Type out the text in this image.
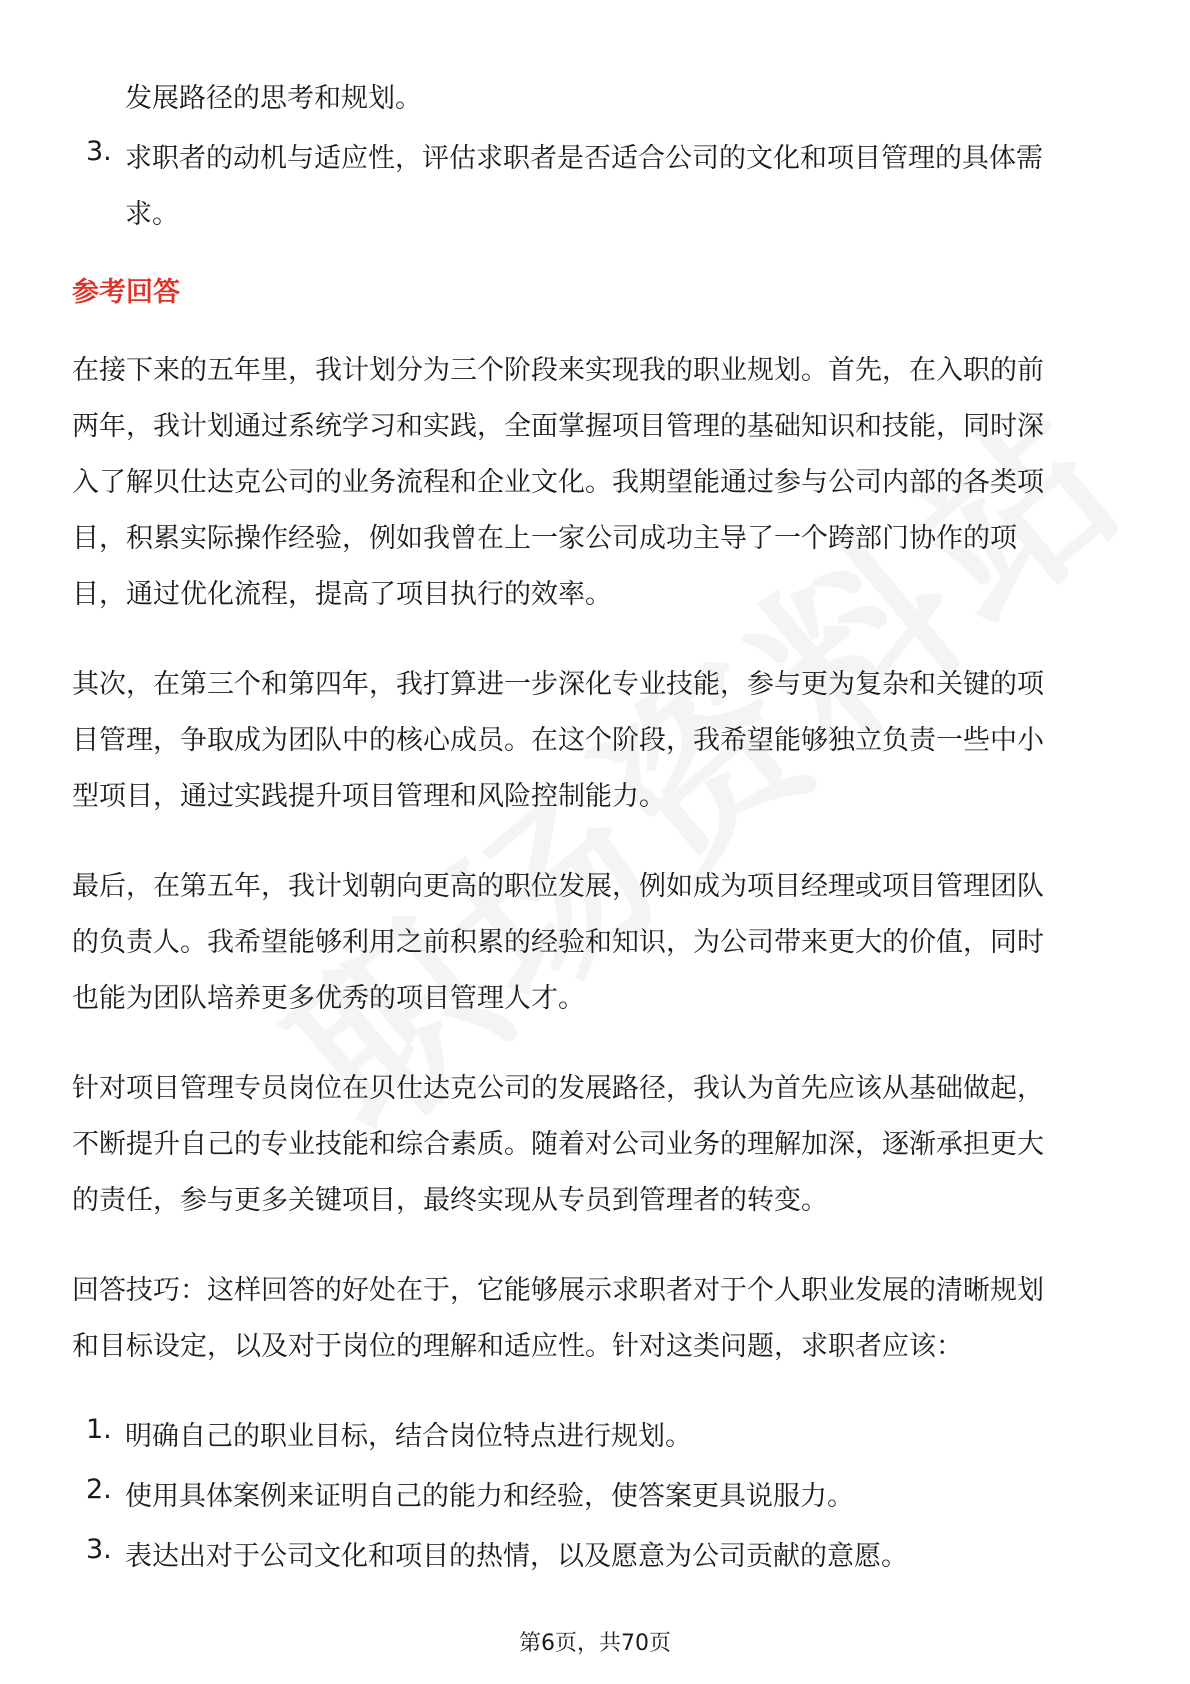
发展路径的思考和规划。
3. 求职者的动机与适应性，评估求职者是否适合公司的文化和项目管理的具体需
求。
参考回答
在接下来的五年里，我计划分为三个阶段来实现我的职业规划。首先，在入职的前
两年，我计划通过系统学习和实践，全面掌握项目管理的基础知识和技能，同时深
入了解贝仕达克公司的业务流程和企业文化。我期望能通过参与公司内部的各类项
目，积累实际操作经验，例如我曾在上一家公司成功主导了一个跨部门协作的项
目，通过优化流程，提高了项目执行的效率。
其次，在第三个和第四年，我打算进一步深化专业技能，参与更为复杂和关键的项
目管理，争取成为团队中的核心成员。在这个阶段，我希望能够独立负责一些中小
型项目，通过实践提升项目管理和风险控制能力。
最后，在第五年，我计划朝向更高的职位发展，例如成为项目经理或项目管理团队
的负责人。我希望能够利用之前积累的经验和知识，为公司带来更大的价值，同时
也能为团队培养更多优秀的项目管理人才。
针对项目管理专员岗位在贝仕达克公司的发展路径，我认为首先应该从基础做起，
不断提升自己的专业技能和综合素质。随着对公司业务的理解加深，逐渐承担更大
的责任，参与更多关键项目，最终实现从专员到管理者的转变。
回答技巧：这样回答的好处在于，它能够展示求职者对于个人职业发展的清晰规划
和目标设定，以及对于岗位的理解和适应性。针对这类问题，求职者应该：
1. 明确自己的职业目标，结合岗位特点进行规划。
2. 使用具体案例来证明自己的能力和经验，使答案更具说服力。
3. 表达出对于公司文化和项目的热情，以及愿意为公司贡献的意愿。
第6页，共70页
